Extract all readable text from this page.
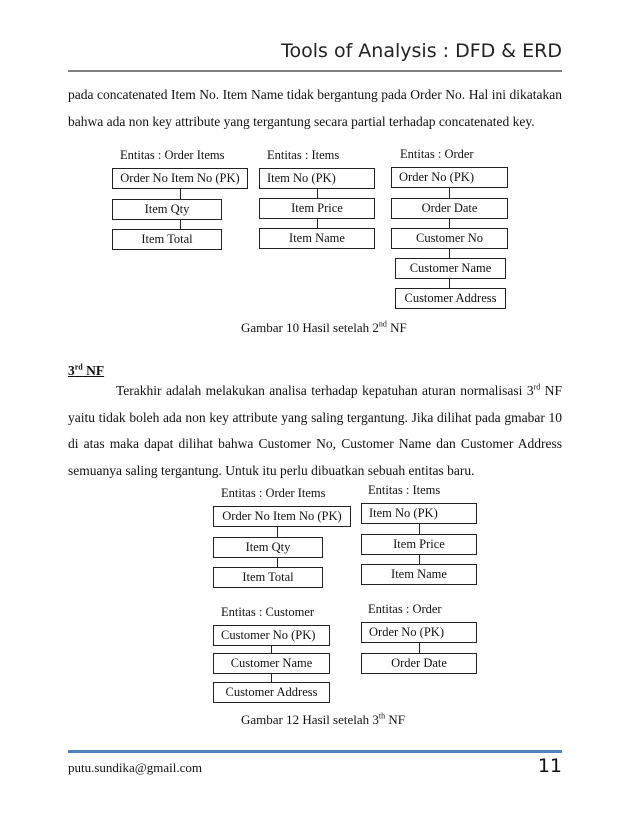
Tools of Analysis : DFD & ERD

pada concatenated Item No. Item Name tidak bergantung pada Order No. Hal ini dikatakan bahwa ada non key attribute yang tergantung secara partial terhadap concatenated key.

Entitas : Order Items
Order No Item No (PK)
Item Qty
Item Total
Entitas : Items
Item No (PK)
Item Price
Item Name
Entitas : Order
Order No (PK)
Order Date
Customer No
Customer Name
Customer Address
Gambar 10 Hasil setelah 2nd NF
3rd NF

Terakhir adalah melakukan analisa terhadap kepatuhan aturan normalisasi 3rd NF yaitu tidak boleh ada non key attribute yang saling tergantung. Jika dilihat pada gmabar 10 di atas maka dapat dilihat bahwa Customer No, Customer Name dan Customer Address semuanya saling tergantung. Untuk itu perlu dibuatkan sebuah entitas baru.

Entitas : Order Items
Order No Item No (PK)
Item Qty
Item Total
Entitas : Items
Item No (PK)
Item Price
Item Name
Entitas : Customer
Customer No (PK)
Customer Name
Customer Address
Entitas : Order
Order No (PK)
Order Date
Gambar 12 Hasil setelah 3th NF
putu.sundika@gmail.com	11
